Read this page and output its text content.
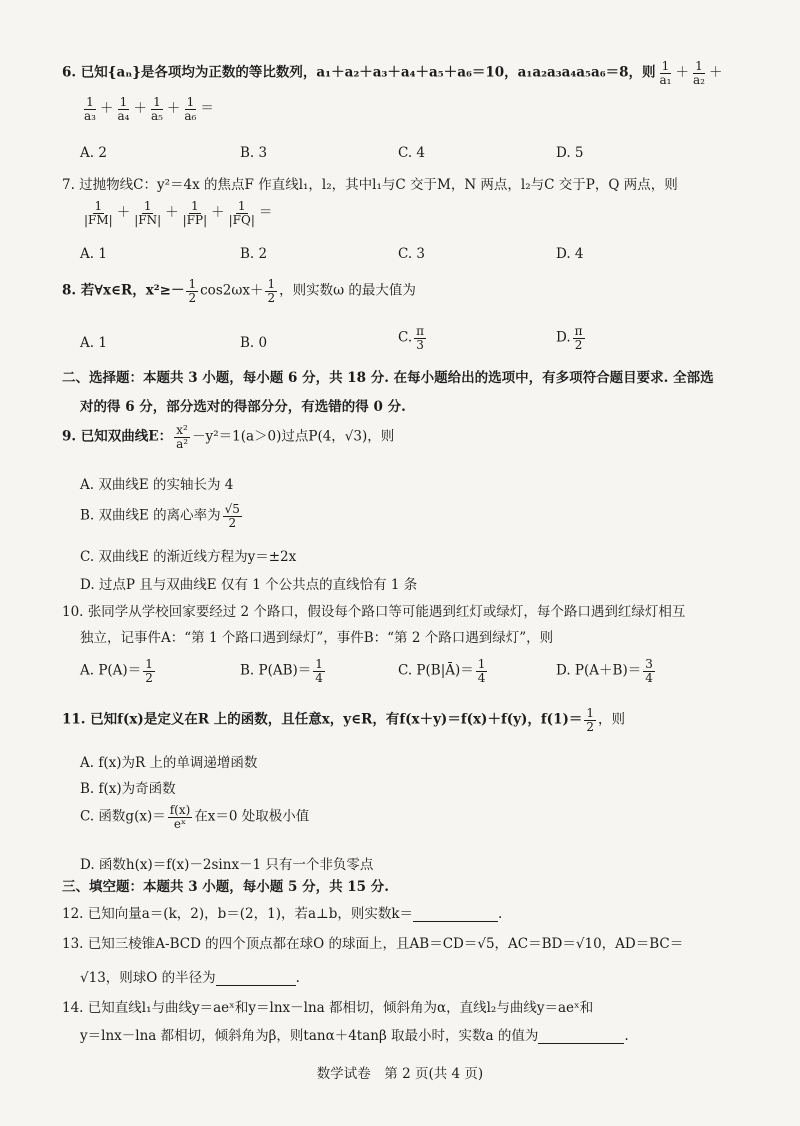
6. 已知{aₙ}是各项均为正数的等比数列，a₁＋a₂＋a₃＋a₄＋a₅＋a₆＝10，a₁a₂a₃a₄a₅a₆＝8，则 $\frac{1}{\text{a₁}} + \frac{1}{\text{a₂}}$ ＋
$\frac{1}{\text{a₃}} + \frac{1}{\text{a₄}} + \frac{1}{\text{a₅}} + \frac{1}{\text{a₆}}$ ＝
A. 2	B. 3	C. 4	D. 5
7. 过抛物线C：y²＝4x 的焦点F 作直线l₁，l₂，其中l₁与C 交于M，N 两点，l₂与C 交于P，Q 两点，则
$\frac{1}{|FM|} + \frac{1}{|FN|} + \frac{1}{|FP|} + \frac{1}{|FQ|}$ ＝
A. 1	B. 2	C. 3	D. 4
8. 若∀x∈R，$x^2\ge- \frac{1}{2} \cos 2\omega x+ \frac{1}{2}$ ，则实数ω 的最大值为
A. 1	B. 0	C. $\frac{\pi}{3}$	D. $\frac{\pi}{2}$
二、选择题：本题共 3 小题，每小题 6 分，共 18 分. 在每小题给出的选项中，有多项符合题目要求. 全部选
对的得 6 分，部分选对的得部分分，有选错的得 0 分.
9. 已知双曲线E： $\frac{\text{x²}}{\text{a²}} -y^2=1(a>0)$过点P(4，√3)，则
A. 双曲线E 的实轴长为 4
B. 双曲线E 的离心率为 $\frac{√5}{2}$
C. 双曲线E 的渐近线方程为y＝±2x
D. 过点P 且与双曲线E 仅有 1 个公共点的直线恰有 1 条
10. 张同学从学校回家要经过 2 个路口，假设每个路口等可能遇到红灯或绿灯，每个路口遇到红绿灯相互
独立，记事件A：“第 1 个路口遇到绿灯”，事件B：“第 2 个路口遇到绿灯”，则
A. $P(A)= \frac{1}{2}$	B. $P(AB)= \frac{1}{4}$	C. P(B|Ā)＝ $\frac{1}{4}$	D. $P(A+B)= \frac{3}{4}$
11. 已知f(x)是定义在R 上的函数，且任意x，y∈R，有f(x＋y)＝f(x)＋f(y)，$f(1)= \frac{1}{2}$ ，则
A. f(x)为R 上的单调递增函数
B. f(x)为奇函数
C. 函数$g(x)= \frac{f(x)}{\text{eˣ}}$ 在x＝0 处取极小值
D. 函数h(x)＝f(x)－2sinx－1 只有一个非负零点
三、填空题：本题共 3 小题，每小题 5 分，共 15 分.
12. 已知向量a＝(k，2)，b＝(2，1)，若a⊥b，则实数k＝	.
13. 已知三棱锥A-BCD 的四个顶点都在球O 的球面上，且AB＝CD＝√5，AC＝BD＝√10，AD＝BC＝
√13，则球O 的半径为	.
14. 已知直线l₁与曲线y＝aeˣ和y＝lnx－lna 都相切，倾斜角为α，直线l₂与曲线y＝aeˣ和
y＝lnx－lna 都相切，倾斜角为β，则tanα＋4tanβ 取最小时，实数a 的值为	.
数学试卷　第 2 页(共 4 页)
